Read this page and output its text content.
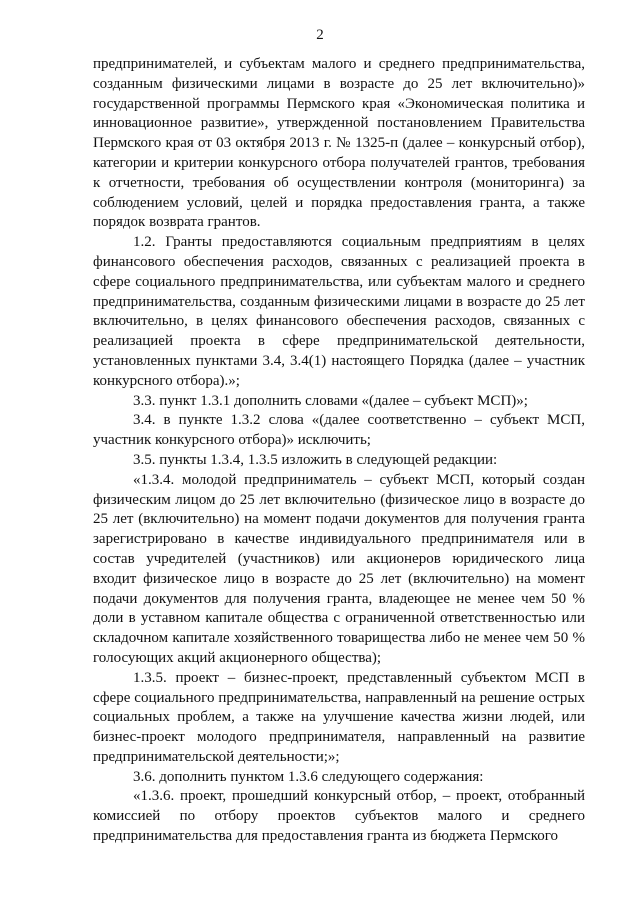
2

предпринимателей, и субъектам малого и среднего предпринимательства, созданным физическими лицами в возрасте до 25 лет включительно)» государственной программы Пермского края «Экономическая политика и инновационное развитие», утвержденной постановлением Правительства Пермского края от 03 октября 2013 г. № 1325-п (далее – конкурсный отбор), категории и критерии конкурсного отбора получателей грантов, требования к отчетности, требования об осуществлении контроля (мониторинга) за соблюдением условий, целей и порядка предоставления гранта, а также порядок возврата грантов.

1.2. Гранты предоставляются социальным предприятиям в целях финансового обеспечения расходов, связанных с реализацией проекта в сфере социального предпринимательства, или субъектам малого и среднего предпринимательства, созданным физическими лицами в возрасте до 25 лет включительно, в целях финансового обеспечения расходов, связанных с реализацией проекта в сфере предпринимательской деятельности, установленных пунктами 3.4, 3.4(1) настоящего Порядка (далее – участник конкурсного отбора).»;

3.3. пункт 1.3.1 дополнить словами «(далее – субъект МСП)»;

3.4. в пункте 1.3.2 слова «(далее соответственно – субъект МСП, участник конкурсного отбора)» исключить;

3.5. пункты 1.3.4, 1.3.5 изложить в следующей редакции:

«1.3.4. молодой предприниматель – субъект МСП, который создан физическим лицом до 25 лет включительно (физическое лицо в возрасте до 25 лет (включительно) на момент подачи документов для получения гранта зарегистрировано в качестве индивидуального предпринимателя или в состав учредителей (участников) или акционеров юридического лица входит физическое лицо в возрасте до 25 лет (включительно) на момент подачи документов для получения гранта, владеющее не менее чем 50 % доли в уставном капитале общества с ограниченной ответственностью или складочном капитале хозяйственного товарищества либо не менее чем 50 % голосующих акций акционерного общества);

1.3.5. проект – бизнес-проект, представленный субъектом МСП в сфере социального предпринимательства, направленный на решение острых социальных проблем, а также на улучшение качества жизни людей, или бизнес-проект молодого предпринимателя, направленный на развитие предпринимательской деятельности;»;

3.6. дополнить пунктом 1.3.6 следующего содержания:

«1.3.6. проект, прошедший конкурсный отбор, – проект, отобранный комиссией по отбору проектов субъектов малого и среднего предпринимательства для предоставления гранта из бюджета Пермского
